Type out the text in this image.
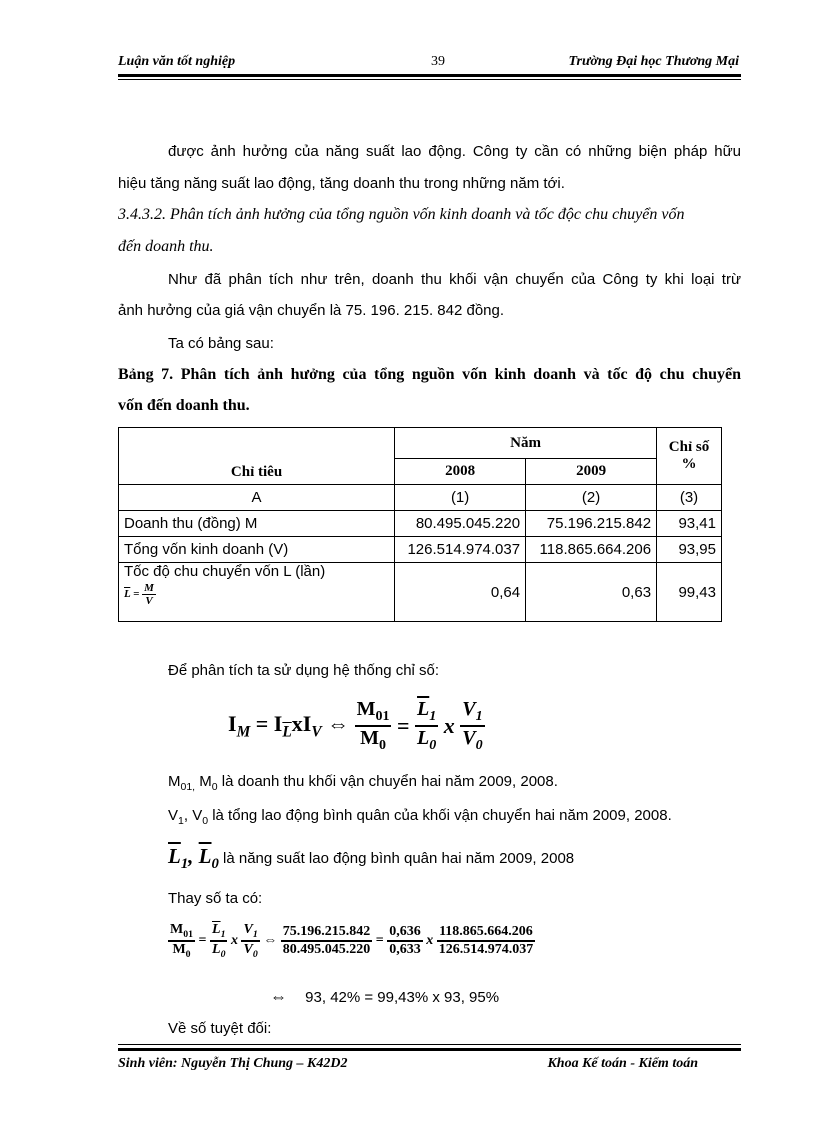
Luận văn tốt nghiệp	39	Trường Đại học Thương Mại
được ảnh hưởng của năng suất lao động. Công ty cần có những biện pháp hữu
hiệu tăng năng suất lao động, tăng doanh thu trong những năm tới.
3.4.3.2. Phân tích ảnh hưởng của tổng nguồn vốn kinh doanh và tốc độc chu chuyển vốn
đến doanh thu.
Như đã phân tích như trên, doanh thu khối vận chuyển của Công ty khi loại trừ
ảnh hưởng của giá vận chuyển là 75. 196. 215. 842 đồng.
Ta có bảng sau:
Bảng 7. Phân tích ảnh hưởng của tổng nguồn vốn kinh doanh và tốc độ chu chuyển
vốn đến doanh thu.
Chỉ tiêu	Năm		Chỉ số
%
	2008	2009	
A	(1)	(2)	(3)
Doanh thu (đồng) M	80.495.045.220	75.196.215.842	93,41
Tổng vốn kinh doanh (V)	126.514.974.037	118.865.664.206	93,95

Tốc độ chu chuyển vốn L (lần)
$\overline{L} = \frac{M}{V}$	0,64	0,63	99,43
Để phân tích ta sử dụng hệ thống chỉ số:
$I_M = I_{\overline{L}}xI_V$ ⇔ $\frac{M_{01}}{M_0} = \frac{\overline{L}_1}{\overline{L}_0}$ x $\frac{V_1}{V_0}$
$M_{01,}$ $M_0$ là doanh thu khối vận chuyển hai năm 2009, 2008.
$V_1$, $V_0$ là tổng lao động bình quân của khối vận chuyển hai năm 2009, 2008.
$\overline{L}_1$, $\overline{L}_0$ là năng suất lao động bình quân hai năm 2009, 2008
Thay số ta có:
$\frac{M_{01}}{M_0} = \frac{\overline{L}_1}{\overline{L}_0}$ x $\frac{V_1}{V_0}$ ⇔ $\frac{75.196.215.842}{80.495.045.220} = \frac{0,636}{0,633}$ x $\frac{118.865.664.206}{126.514.974.037}$
⇔ 93, 42% = 99,43% x 93, 95%
Về số tuyệt đối:
Sinh viên: Nguyễn Thị Chung – K42D2	Khoa Kế toán - Kiểm toán
